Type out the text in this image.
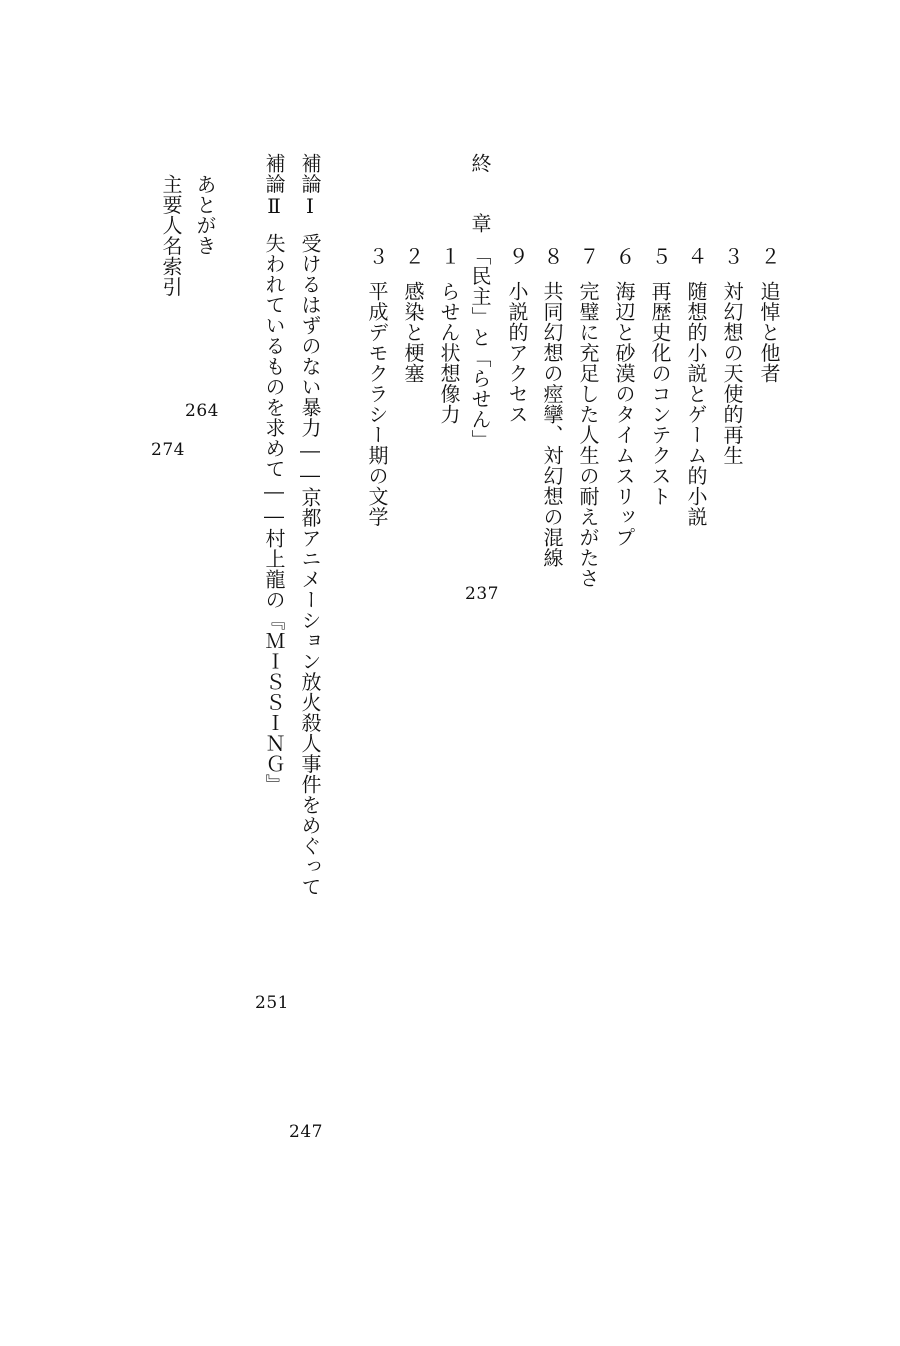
２追悼と他者
３対幻想の天使的再生
４随想的小説とゲーム的小説
５再歴史化のコンテクスト
６海辺と砂漠のタイムスリップ
７完璧に充足した人生の耐えがたさ
８共同幻想の痙攣、対幻想の混線
９小説的アクセス
終　章「民主」と「らせん」
237
１らせん状想像力
２感染と梗塞
３平成デモクラシー期の文学
補論Ⅰ受けるはずのない暴力――京都アニメーション放火殺人事件をめぐって
247
補論Ⅱ失われているものを求めて――村上龍の『ＭＩＳＳＩＮＧ』
251
あとがき
264
主要人名索引
274
